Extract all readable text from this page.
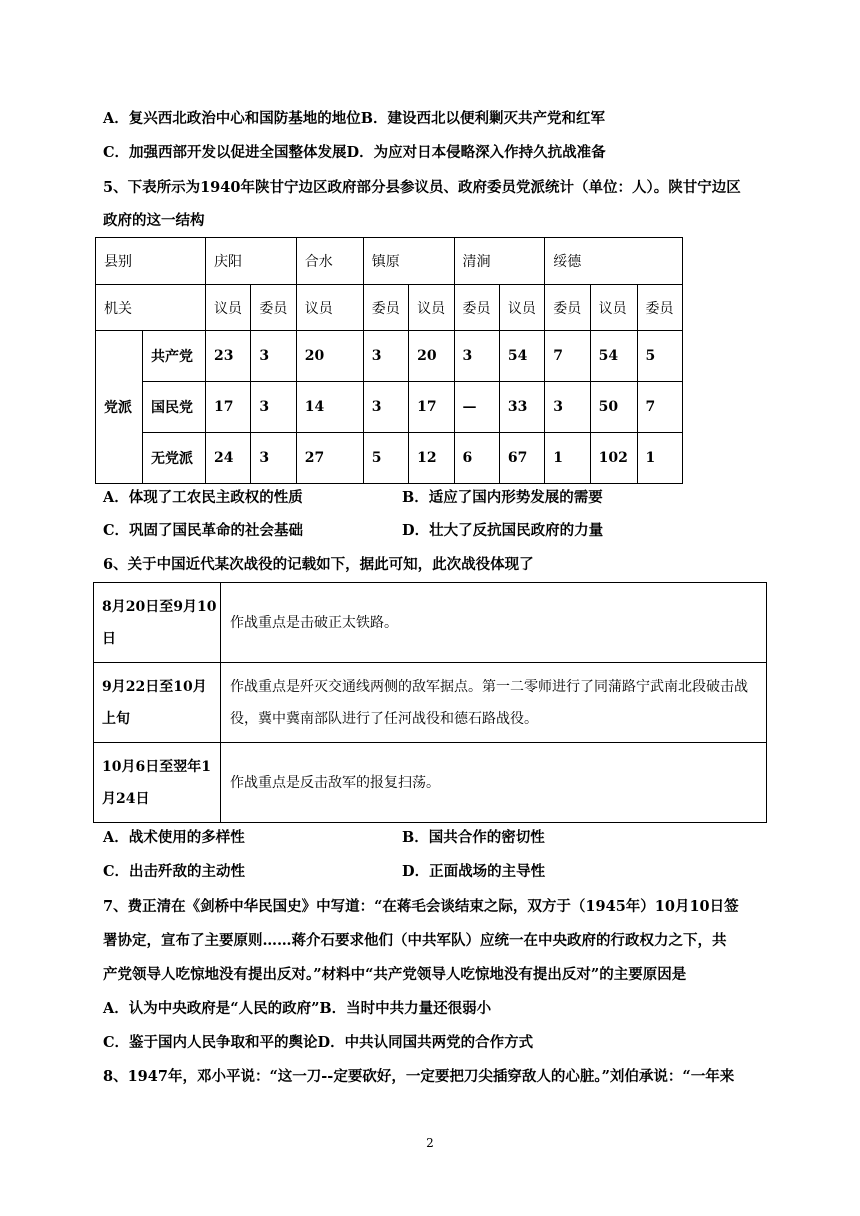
A．复兴西北政治中心和国防基地的地位B．建设西北以便利剿灭共产党和红军
C．加强西部开发以促进全国整体发展D．为应对日本侵略深入作持久抗战准备
5、下表所示为1940年陕甘宁边区政府部分县参议员、政府委员党派统计（单位：人）。陕甘宁边区
政府的这一结构
县别		庆阳		合水	镇原		清涧		绥德		
机关		议员	委员	议员	委员	议员	委员	议员	委员	议员	委员
党派	共产党	23	3	20	3	20	3	54	7	54	5
	国民党	17	3	14	3	17	—	33	3	50	7
	无党派	24	3	27	5	12	6	67	1	102	1
A．体现了工农民主政权的性质	B．适应了国内形势发展的需要
C．巩固了国民革命的社会基础	D．壮大了反抗国民政府的力量
6、关于中国近代某次战役的记载如下，据此可知，此次战役体现了
8月20日至9月10日	作战重点是击破正太铁路。
9月22日至10月上旬	作战重点是歼灭交通线两侧的敌军据点。第一二零师进行了同蒲路宁武南北段破击战役，冀中冀南部队进行了任河战役和德石路战役。
10月6日至翌年1月24日	作战重点是反击敌军的报复扫荡。
A．战术使用的多样性	B．国共合作的密切性
C．出击歼敌的主动性	D．正面战场的主导性
7、费正清在《剑桥中华民国史》中写道：“在蒋毛会谈结束之际，双方于（1945年）10月10日签
署协定，宣布了主要原则……蒋介石要求他们（中共军队）应统一在中央政府的行政权力之下，共
产党领导人吃惊地没有提出反对。”材料中“共产党领导人吃惊地没有提出反对”的主要原因是
A．认为中央政府是“人民的政府”B．当时中共力量还很弱小
C．鉴于国内人民争取和平的舆论D．中共认同国共两党的合作方式
8、1947年，邓小平说：“这一刀--定要砍好，一定要把刀尖插穿敌人的心脏。”刘伯承说：“一年来
2
